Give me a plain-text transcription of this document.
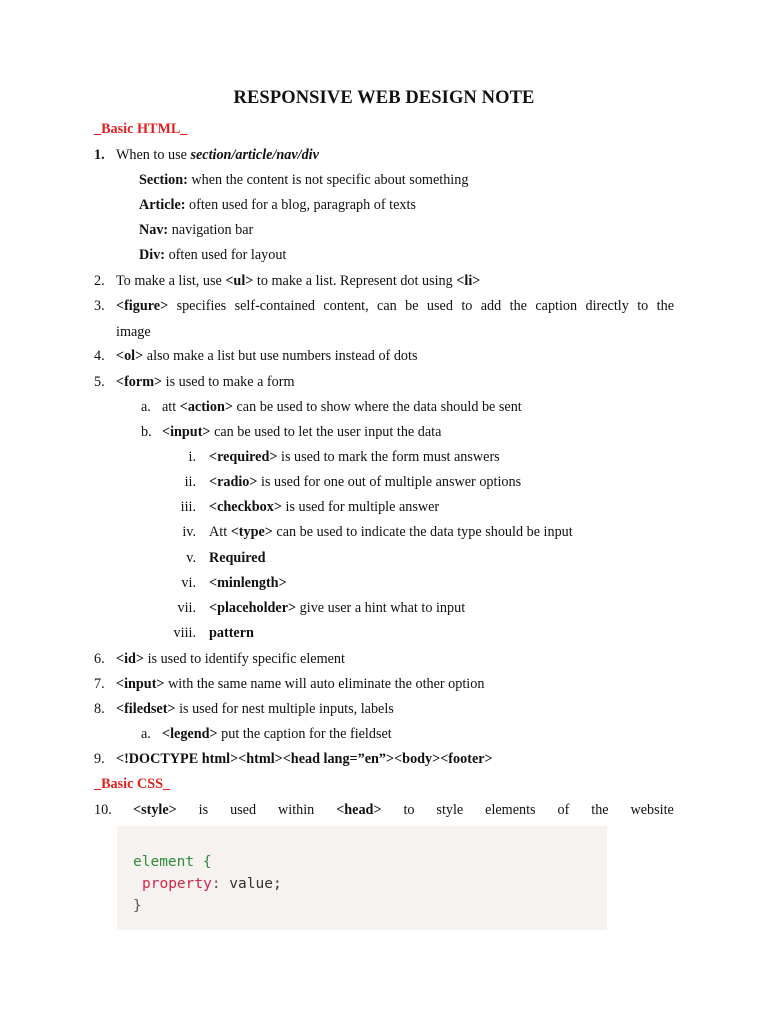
RESPONSIVE WEB DESIGN NOTE
_Basic HTML_
1. When to use section/article/nav/div
Section: when the content is not specific about something
Article: often used for a blog, paragraph of texts
Nav: navigation bar
Div: often used for layout
2. To make a list, use <ul> to make a list. Represent dot using <li>
3. <figure> specifies self-contained content, can be used to add the caption directly to the
image
4. <ol> also make a list but use numbers instead of dots
5. <form> is used to make a form
a. att <action> can be used to show where the data should be sent
b. <input> can be used to let the user input the data
i. <required> is used to mark the form must answers
ii. <radio> is used for one out of multiple answer options
iii. <checkbox> is used for multiple answer
iv. Att <type> can be used to indicate the data type should be input
v. Required
vi. <minlength>
vii. <placeholder> give user a hint what to input
viii. pattern
6. <id> is used to identify specific element
7. <input> with the same name will auto eliminate the other option
8. <filedset> is used for nest multiple inputs, labels
a. <legend> put the caption for the fieldset
9. <!DOCTYPE html><html><head lang=”en”><body><footer>
_Basic CSS_
10. <style> is used within <head> to style elements of the website
element {
property: value;
}
